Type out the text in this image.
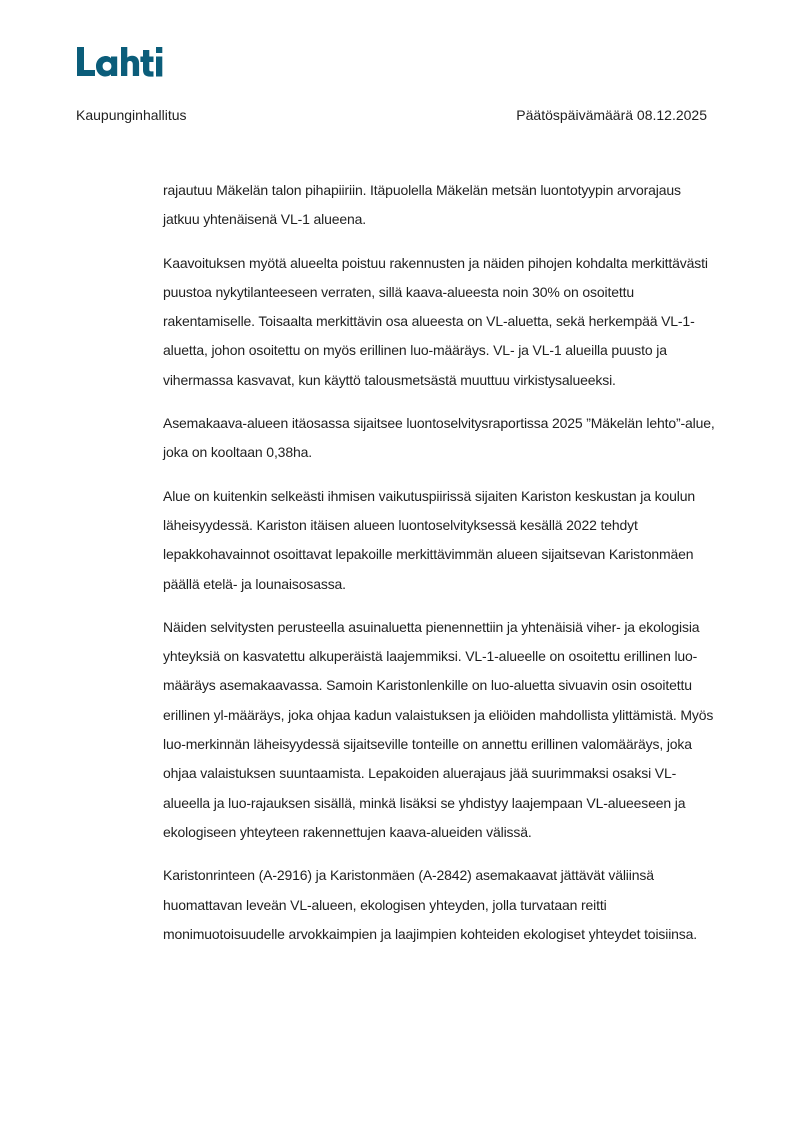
Kaupunginhallitus	Päätöspäivämäärä 08.12.2025

rajautuu Mäkelän talon pihapiiriin. Itäpuolella Mäkelän metsän luontotyypin arvorajaus jatkuu yhtenäisenä VL-1 alueena.

Kaavoituksen myötä alueelta poistuu rakennusten ja näiden pihojen kohdalta merkittävästi puustoa nykytilanteeseen verraten, sillä kaava-alueesta noin 30% on osoitettu rakentamiselle. Toisaalta merkittävin osa alueesta on VL-aluetta, sekä herkempää VL-1-aluetta, johon osoitettu on myös erillinen luo-määräys. VL- ja VL-1 alueilla puusto ja vihermassa kasvavat, kun käyttö talousmetsästä muuttuu virkistysalueeksi.

Asemakaava-alueen itäosassa sijaitsee luontoselvitysraportissa 2025 ”Mäkelän lehto”-alue, joka on kooltaan 0,38ha.

Alue on kuitenkin selkeästi ihmisen vaikutuspiirissä sijaiten Kariston keskustan ja koulun läheisyydessä. Kariston itäisen alueen luontoselvityksessä kesällä 2022 tehdyt lepakkohavainnot osoittavat lepakoille merkittävimmän alueen sijaitsevan Karistonmäen päällä etelä- ja lounaisosassa.

Näiden selvitysten perusteella asuinaluetta pienennettiin ja yhtenäisiä viher- ja ekologisia yhteyksiä on kasvatettu alkuperäistä laajemmiksi. VL-1-alueelle on osoitettu erillinen luo-määräys asemakaavassa. Samoin Karistonlenkille on luo-aluetta sivuavin osin osoitettu erillinen yl-määräys, joka ohjaa kadun valaistuksen ja eliöiden mahdollista ylittämistä. Myös luo-merkinnän läheisyydessä sijaitseville tonteille on annettu erillinen valomääräys, joka ohjaa valaistuksen suuntaamista. Lepakoiden aluerajaus jää suurimmaksi osaksi VL-alueella ja luo-rajauksen sisällä, minkä lisäksi se yhdistyy laajempaan VL-alueeseen ja ekologiseen yhteyteen rakennettujen kaava-alueiden välissä.

Karistonrinteen (A-2916) ja Karistonmäen (A-2842) asemakaavat jättävät väliinsä huomattavan leveän VL-alueen, ekologisen yhteyden, jolla turvataan reitti monimuotoisuudelle arvokkaimpien ja laajimpien kohteiden ekologiset yhteydet toisiinsa.
